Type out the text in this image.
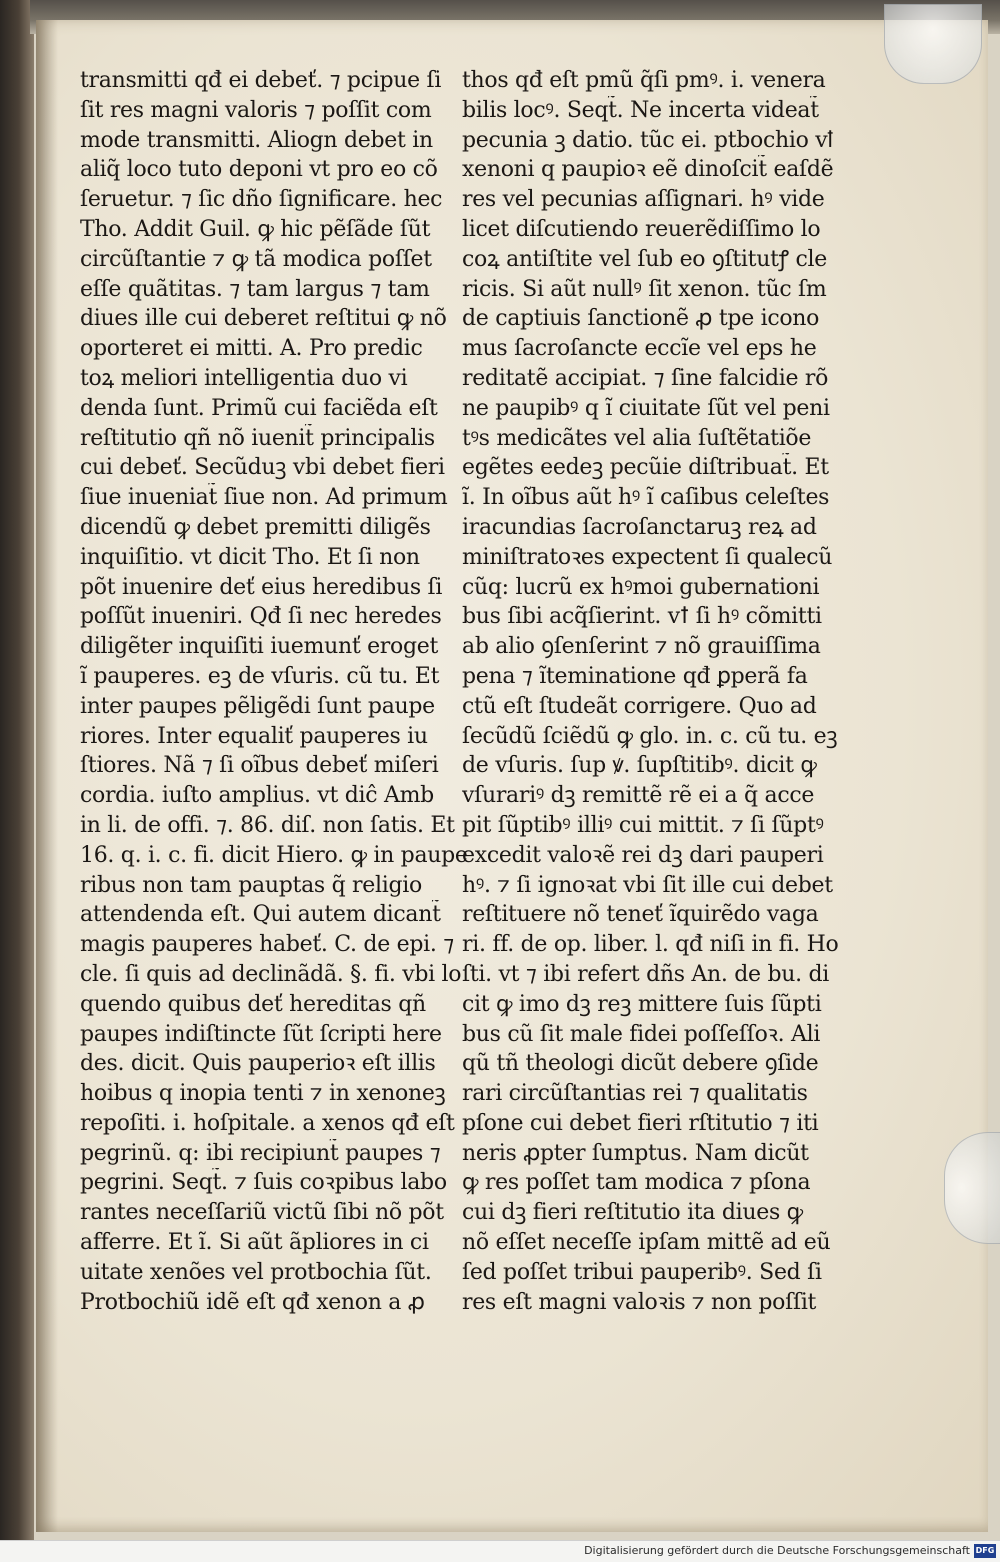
transmitti qđ ei debeť. ⁊ pcipue ſi
ſit res magni valoris ⁊ poſſit com
mode transmitti. Aliogn debet in
aliq̃ loco tuto deponi vt pro eo cõ
ſeruetur. ⁊ ſic dño ſignificare. hec
Tho. Addit Guil. ꝙ hic pẽſãde ſũt
circũſtantie ⁊ ꝙ tã modica poſſet
eſſe quãtitas. ⁊ tam largus ⁊ tam
diues ille cui deberet reſtitui ꝙ nõ
oporteret ei mitti. A. Pro predic
toꝝ meliori intelligentia duo vi
denda ſunt. Primũ cui faciẽda eſt
reſtitutio qñ nõ iuenit̃ principalis
cui debeť. Secũduꝫ vbi debet fieri
ſiue inueniat̃ ſiue non. Ad primum
dicendũ ꝙ debet premitti diligẽs
inquiſitio. vt dicit Tho. Et ſi non
põt inuenire deť eius heredibus ſi
poſſũt inueniri. Qđ ſi nec heredes
diligẽter inquiſiti iuemunť eroget
ĩ pauperes. eꝫ de vſuris. cũ tu. Et
inter paupes pẽligẽdi ſunt paupe
riores. Inter equaliť pauperes iu
ſtiores. Nã ⁊ ſi oĩbus debeť miſeri
cordia. iuſto amplius. vt diĉ Amb
in li. de offi. ⁊. 86. diſ. non ſatis. Et
16. q. i. c. fi. dicit Hiero. ꝙ in paupe
ribus non tam pauptas q̃ religio
attendenda eſt. Qui autem dicant̃
magis pauperes habeť. C. de epi. ⁊
cle. ſi quis ad declinãdã. §. fi. vbi lo
quendo quibus deť hereditas qñ
paupes indiſtincte ſũt ſcripti here
des. dicit. Quis pauperioꝛ eſt illis
hoibus q inopia tenti ⁊ in xenoneꝫ
repoſiti. i. hoſpitale. a xenos qđ eſt
pegrinũ. q: ibi recipiunt̃ paupes ⁊
pegrini. Seqt̃. ⁊ ſuis coꝛpibus labo
rantes neceſſariũ victũ ſibi nõ põt
afferre. Et ĩ. Si aũt ãpliores in ci
uitate xenões vel protbochia ſũt.
Protbochiũ idẽ eſt qđ xenon a ꝓ
thos qđ eſt pmũ q̃ſi pmꝰ. i. venera
bilis locꝰ. Seqt̃. Ne incerta videat̃
pecunia ꝫ datio. tũc ei. ptbochio vꝉ
xenoni q paupioꝛ eẽ dinoſcit̃ eaſdẽ
res vel pecunias aſſignari. hꝰ vide
licet diſcutiendo reuerẽdiſſimo lo
coꝝ antiſtite vel ſub eo ꝯſtitutꝭ cle
ricis. Si aũt nullꝰ ſit xenon. tũc ſm
de captiuis ſanctionẽ ꝓ tpe icono
mus ſacroſancte eccĩe vel eps he
reditatẽ accipiat. ⁊ ſine falcidie rõ
ne paupibꝰ q ĩ ciuitate ſũt vel peni
tꝰs medicãtes vel alia ſuſtẽtatiõe
egẽtes eedeꝫ pecũie diſtribuat̃. Et
ĩ. In oĩbus aũt hꝰ ĩ caſibus celeſtes
iracundias ſacroſanctaruꝫ reꝝ ad
miniſtratoꝛes expectent ſi qualecũ
cũq: lucrũ ex hꝰmoi gubernationi
bus ſibi acq̃ſierint. vꝉ ſi hꝰ cõmitti
ab alio ꝯſenſerint ⁊ nõ grauiſſima
pena ⁊ ĩteminatione qđ ꝑperã fa
ctũ eſt ſtudeãt corrigere. Quo ad
ſecũdũ ſciẽdũ ꝙ glo. in. c. cũ tu. eꝫ
de vſuris. ſup ꝟ. ſupſtitibꝰ. dicit ꝙ
vſurariꝰ dꝫ remittẽ rẽ ei a q̃ acce
pit ſũptibꝰ illiꝰ cui mittit. ⁊ ſi ſũptꝰ
excedit valoꝛẽ rei dꝫ dari pauperi
hꝰ. ⁊ ſi ignoꝛat vbi ſit ille cui debet
reſtituere nõ teneť ĩquirẽdo vaga
ri. ff. de op. liber. l. qđ niſi in fi. Ho
ſti. vt ⁊ ibi refert dñs An. de bu. di
cit ꝙ imo dꝫ reꝫ mittere ſuis ſũpti
bus cũ ſit male fidei poſſeſſoꝛ. Ali
qũ tñ theologi dicũt debere ꝯſide
rari circũſtantias rei ⁊ qualitatis
pſone cui debet fieri rſtitutio ⁊ iti
neris ꝓpter ſumptus. Nam dicũt
ꝙ res poſſet tam modica ⁊ pſona
cui dꝫ fieri reſtitutio ita diues ꝙ
nõ eſſet neceſſe ipſam mittẽ ad eũ
ſed poſſet tribui pauperibꝰ. Sed ſi
res eſt magni valoꝛis ⁊ non poſſit
Digitalisierung gefördert durch die Deutsche Forschungsgemeinschaft DFG
